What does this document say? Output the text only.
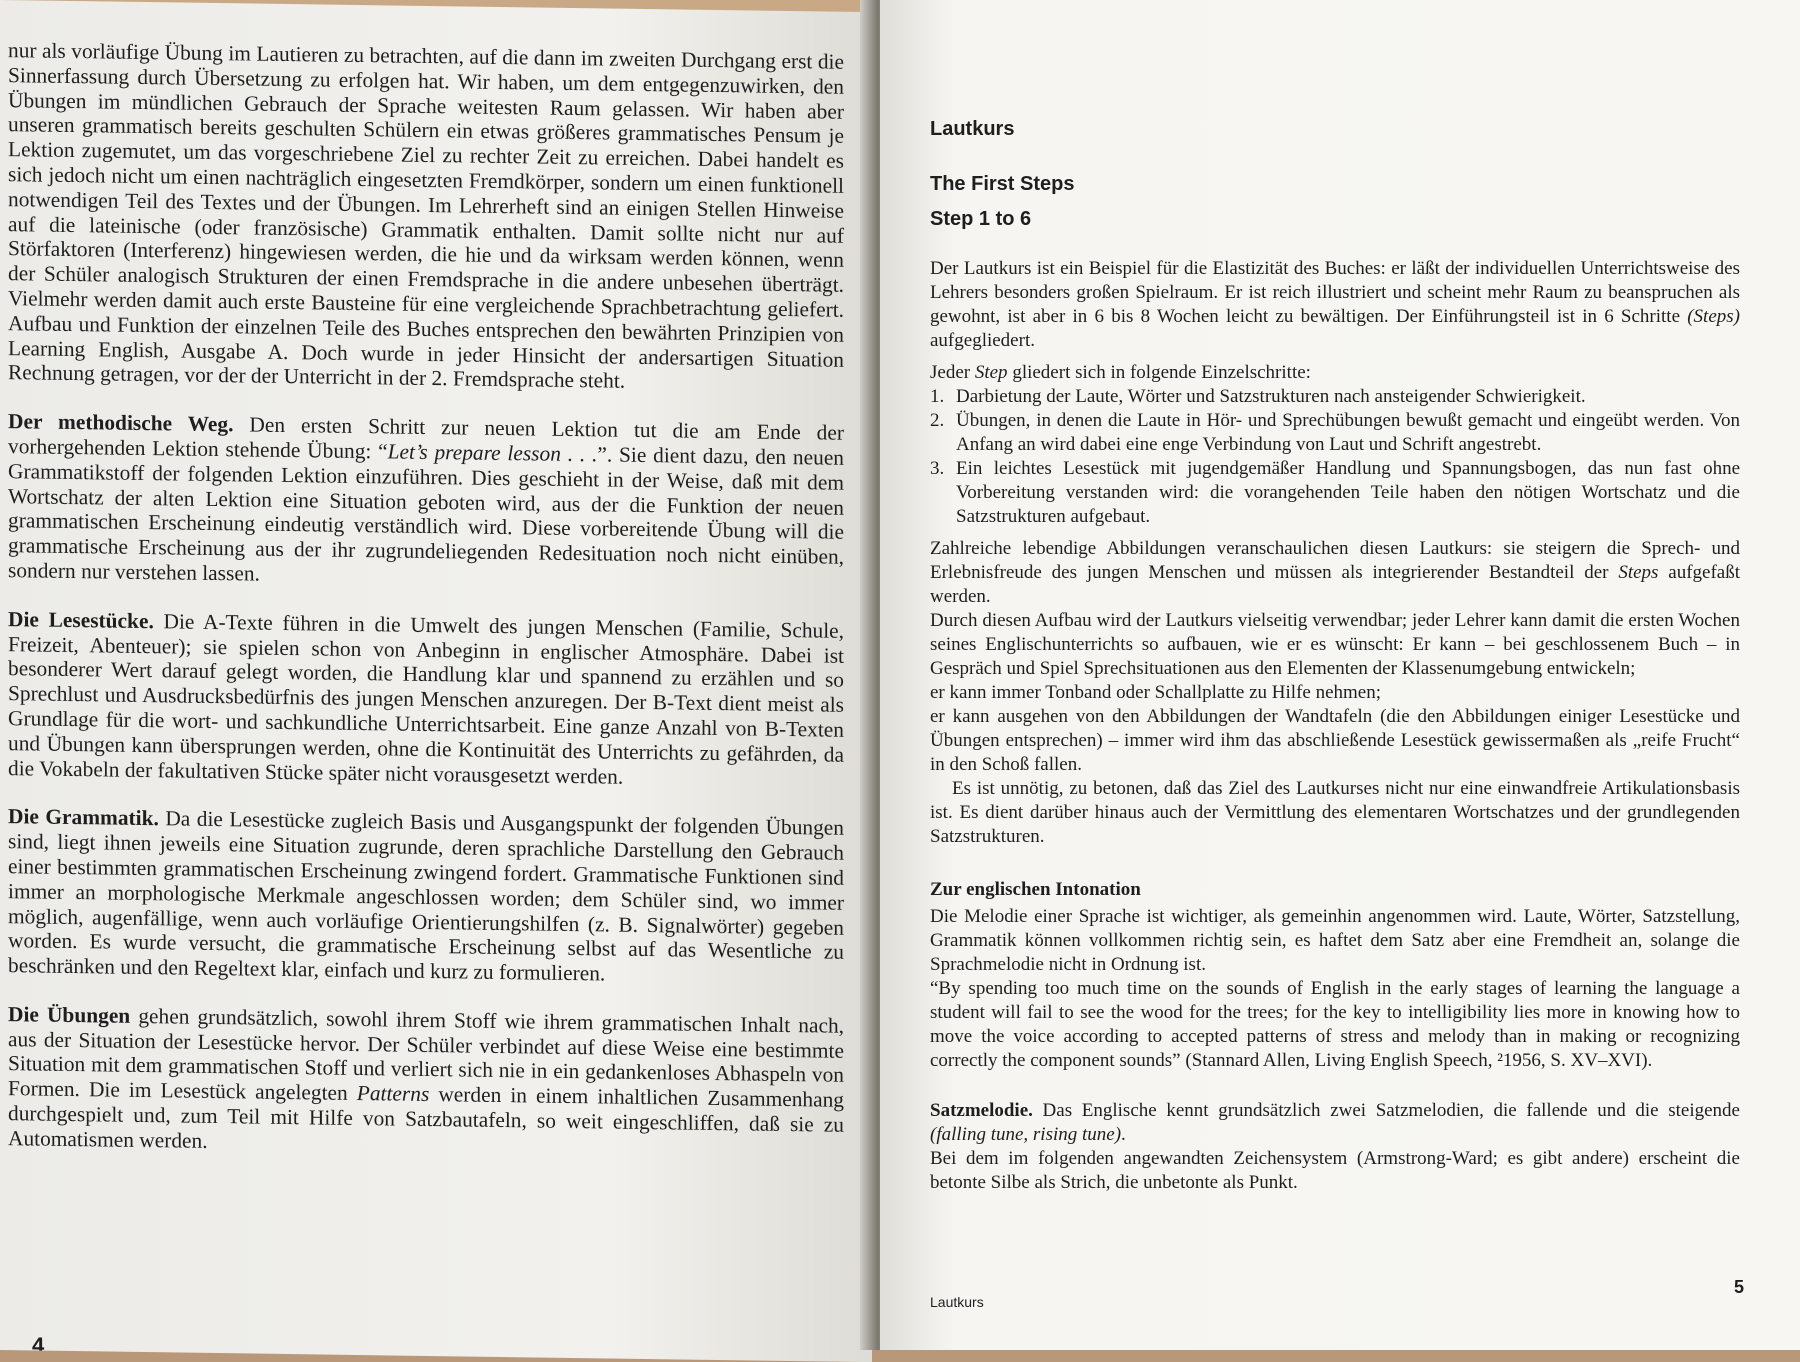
nur als vorläufige Übung im Lautieren zu betrachten, auf die dann im zweiten Durchgang erst die Sinnerfassung durch Übersetzung zu erfolgen hat. Wir haben, um dem entgegenzuwirken, den Übungen im mündlichen Gebrauch der Sprache weitesten Raum gelassen. Wir haben aber unseren grammatisch bereits geschulten Schülern ein etwas größeres grammatisches Pensum je Lektion zugemutet, um das vorgeschriebene Ziel zu rechter Zeit zu erreichen. Dabei handelt es sich jedoch nicht um einen nachträglich eingesetzten Fremdkörper, sondern um einen funktionell notwendigen Teil des Textes und der Übungen. Im Lehrerheft sind an einigen Stellen Hinweise auf die lateinische (oder französische) Grammatik enthalten. Damit sollte nicht nur auf Störfaktoren (Interferenz) hingewiesen werden, die hie und da wirksam werden können, wenn der Schüler analogisch Strukturen der einen Fremdsprache in die andere unbesehen überträgt. Vielmehr werden damit auch erste Bausteine für eine vergleichende Sprachbetrachtung geliefert. Aufbau und Funktion der einzelnen Teile des Buches entsprechen den bewährten Prinzipien von Learning English, Ausgabe A. Doch wurde in jeder Hinsicht der andersartigen Situation Rechnung getragen, vor der der Unterricht in der 2. Fremdsprache steht.

Der methodische Weg. Den ersten Schritt zur neuen Lektion tut die am Ende der vorhergehenden Lektion stehende Übung: “Let’s prepare lesson . . .”. Sie dient dazu, den neuen Grammatikstoff der folgenden Lektion einzuführen. Dies geschieht in der Weise, daß mit dem Wortschatz der alten Lektion eine Situation geboten wird, aus der die Funktion der neuen grammatischen Erscheinung eindeutig verständlich wird. Diese vorbereitende Übung will die grammatische Erscheinung aus der ihr zugrundeliegenden Redesituation noch nicht einüben, sondern nur verstehen lassen.

Die Lesestücke. Die A-Texte führen in die Umwelt des jungen Menschen (Familie, Schule, Freizeit, Abenteuer); sie spielen schon von Anbeginn in englischer Atmosphäre. Dabei ist besonderer Wert darauf gelegt worden, die Handlung klar und spannend zu erzählen und so Sprechlust und Ausdrucksbedürfnis des jungen Menschen anzuregen. Der B-Text dient meist als Grundlage für die wort- und sachkundliche Unterrichtsarbeit. Eine ganze Anzahl von B-Texten und Übungen kann übersprungen werden, ohne die Kontinuität des Unterrichts zu gefährden, da die Vokabeln der fakultativen Stücke später nicht vorausgesetzt werden.

Die Grammatik. Da die Lesestücke zugleich Basis und Ausgangspunkt der folgenden Übungen sind, liegt ihnen jeweils eine Situation zugrunde, deren sprachliche Darstellung den Gebrauch einer bestimmten grammatischen Erscheinung zwingend fordert. Grammatische Funktionen sind immer an morphologische Merkmale angeschlossen worden; dem Schüler sind, wo immer möglich, augenfällige, wenn auch vorläufige Orientierungshilfen (z. B. Signalwörter) gegeben worden. Es wurde versucht, die grammatische Erscheinung selbst auf das Wesentliche zu beschränken und den Regeltext klar, einfach und kurz zu formulieren.

Die Übungen gehen grundsätzlich, sowohl ihrem Stoff wie ihrem grammatischen Inhalt nach, aus der Situation der Lesestücke hervor. Der Schüler verbindet auf diese Weise eine bestimmte Situation mit dem grammatischen Stoff und verliert sich nie in ein gedankenloses Abhaspeln von Formen. Die im Lesestück angelegten Patterns werden in einem inhaltlichen Zusammenhang durchgespielt und, zum Teil mit Hilfe von Satzbautafeln, so weit eingeschliffen, daß sie zu Automatismen werden.

4
Lautkurs
The First Steps
Step 1 to 6

Der Lautkurs ist ein Beispiel für die Elastizität des Buches: er läßt der individuellen Unterrichtsweise des Lehrers besonders großen Spielraum. Er ist reich illustriert und scheint mehr Raum zu beanspruchen als gewohnt, ist aber in 6 bis 8 Wochen leicht zu bewältigen. Der Einführungsteil ist in 6 Schritte (Steps) aufgegliedert.

Jeder Step gliedert sich in folgende Einzelschritte:

1. Darbietung der Laute, Wörter und Satzstrukturen nach ansteigender Schwierigkeit.
2. Übungen, in denen die Laute in Hör- und Sprechübungen bewußt gemacht und eingeübt werden. Von Anfang an wird dabei eine enge Verbindung von Laut und Schrift angestrebt.
3. Ein leichtes Lesestück mit jugendgemäßer Handlung und Spannungsbogen, das nun fast ohne Vorbereitung verstanden wird: die vorangehenden Teile haben den nötigen Wortschatz und die Satzstrukturen aufgebaut.

Zahlreiche lebendige Abbildungen veranschaulichen diesen Lautkurs: sie steigern die Sprech- und Erlebnisfreude des jungen Menschen und müssen als integrierender Bestandteil der Steps aufgefaßt werden.

Durch diesen Aufbau wird der Lautkurs vielseitig verwendbar; jeder Lehrer kann damit die ersten Wochen seines Englischunterrichts so aufbauen, wie er es wünscht: Er kann – bei geschlossenem Buch – in Gespräch und Spiel Sprechsituationen aus den Elementen der Klassenumgebung entwickeln;

er kann immer Tonband oder Schallplatte zu Hilfe nehmen;

er kann ausgehen von den Abbildungen der Wandtafeln (die den Abbildungen einiger Lesestücke und Übungen entsprechen) – immer wird ihm das abschließende Lesestück gewissermaßen als „reife Frucht“ in den Schoß fallen.

Es ist unnötig, zu betonen, daß das Ziel des Lautkurses nicht nur eine einwandfreie Artikulationsbasis ist. Es dient darüber hinaus auch der Vermittlung des elementaren Wortschatzes und der grundlegenden Satzstrukturen.

Zur englischen Intonation

Die Melodie einer Sprache ist wichtiger, als gemeinhin angenommen wird. Laute, Wörter, Satzstellung, Grammatik können vollkommen richtig sein, es haftet dem Satz aber eine Fremdheit an, solange die Sprachmelodie nicht in Ordnung ist.

“By spending too much time on the sounds of English in the early stages of learning the language a student will fail to see the wood for the trees; for the key to intelligibility lies more in knowing how to move the voice according to accepted patterns of stress and melody than in making or recognizing correctly the component sounds” (Stannard Allen, Living English Speech, ²1956, S. XV–XVI).

Satzmelodie. Das Englische kennt grundsätzlich zwei Satzmelodien, die fallende und die steigende (falling tune, rising tune).

Bei dem im folgenden angewandten Zeichensystem (Armstrong-Ward; es gibt andere) erscheint die betonte Silbe als Strich, die unbetonte als Punkt.

Lautkurs
5
